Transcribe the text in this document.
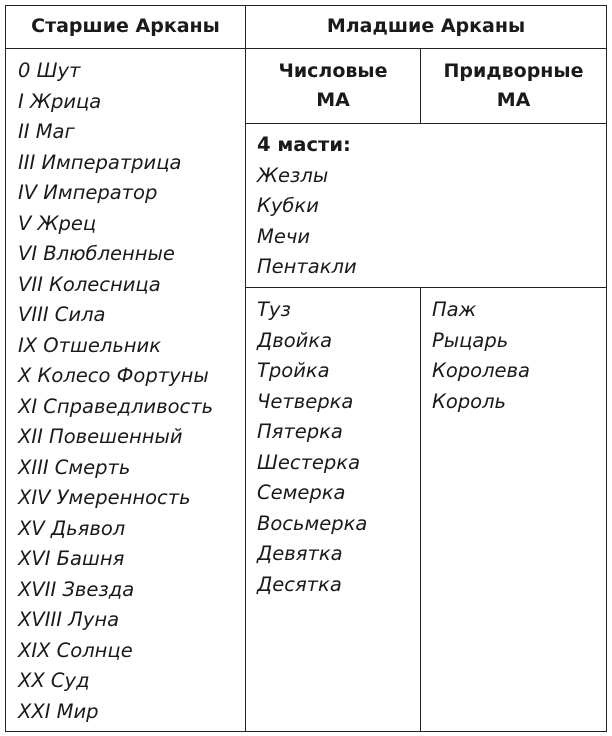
Старшие Арканы	Младшие Арканы
Числовые
МА
Придворные
МА
0 Шут
I Жрица
II Маг
III Императрица
IV Император
V Жрец
VI Влюбленные
VII Колесница
VIII Сила
IX Отшельник
X Колесо Фортуны
XI Справедливость
XII Повешенный
XIII Смерть
XIV Умеренность
XV Дьявол
XVI Башня
XVII Звезда
XVIII Луна
XIX Солнце
XX Суд
XXI Мир
4 масти:
Жезлы
Кубки
Мечи
Пентакли
Туз
Двойка
Тройка
Четверка
Пятерка
Шестерка
Семерка
Восьмерка
Девятка
Десятка
Паж
Рыцарь
Королева
Король
